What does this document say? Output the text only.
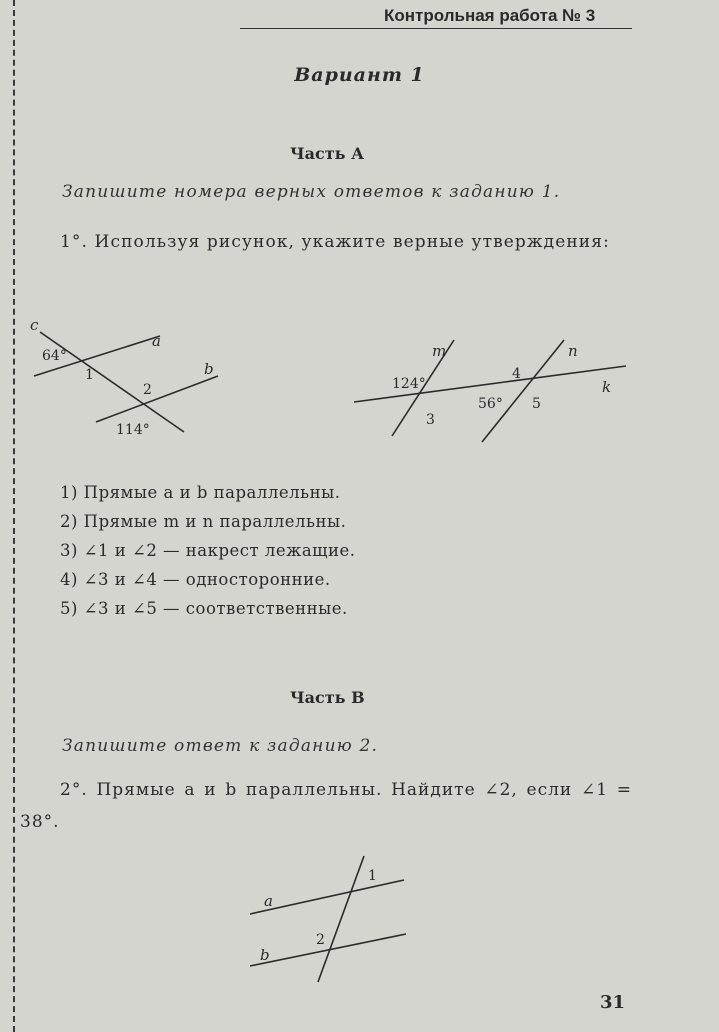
Контрольная работа № 3
Вариант 1
Часть А
Запишите номера верных ответов к заданию 1.
1°. Используя рисунок, укажите верные утверждения:
c
a
b
64°
114°
1
2
m	n
k
124°
56°
3
4
5
1) Прямые a и b параллельны.
2) Прямые m и n параллельны.
3) ∠1 и ∠2 — накрест лежащие.
4) ∠3 и ∠4 — односторонние.
5) ∠3 и ∠5 — соответственные.
Часть В
Запишите ответ к заданию 2.
2°. Прямые a и b параллельны. Найдите ∠2, если ∠1 = 38°.
a
b
1
2
31
